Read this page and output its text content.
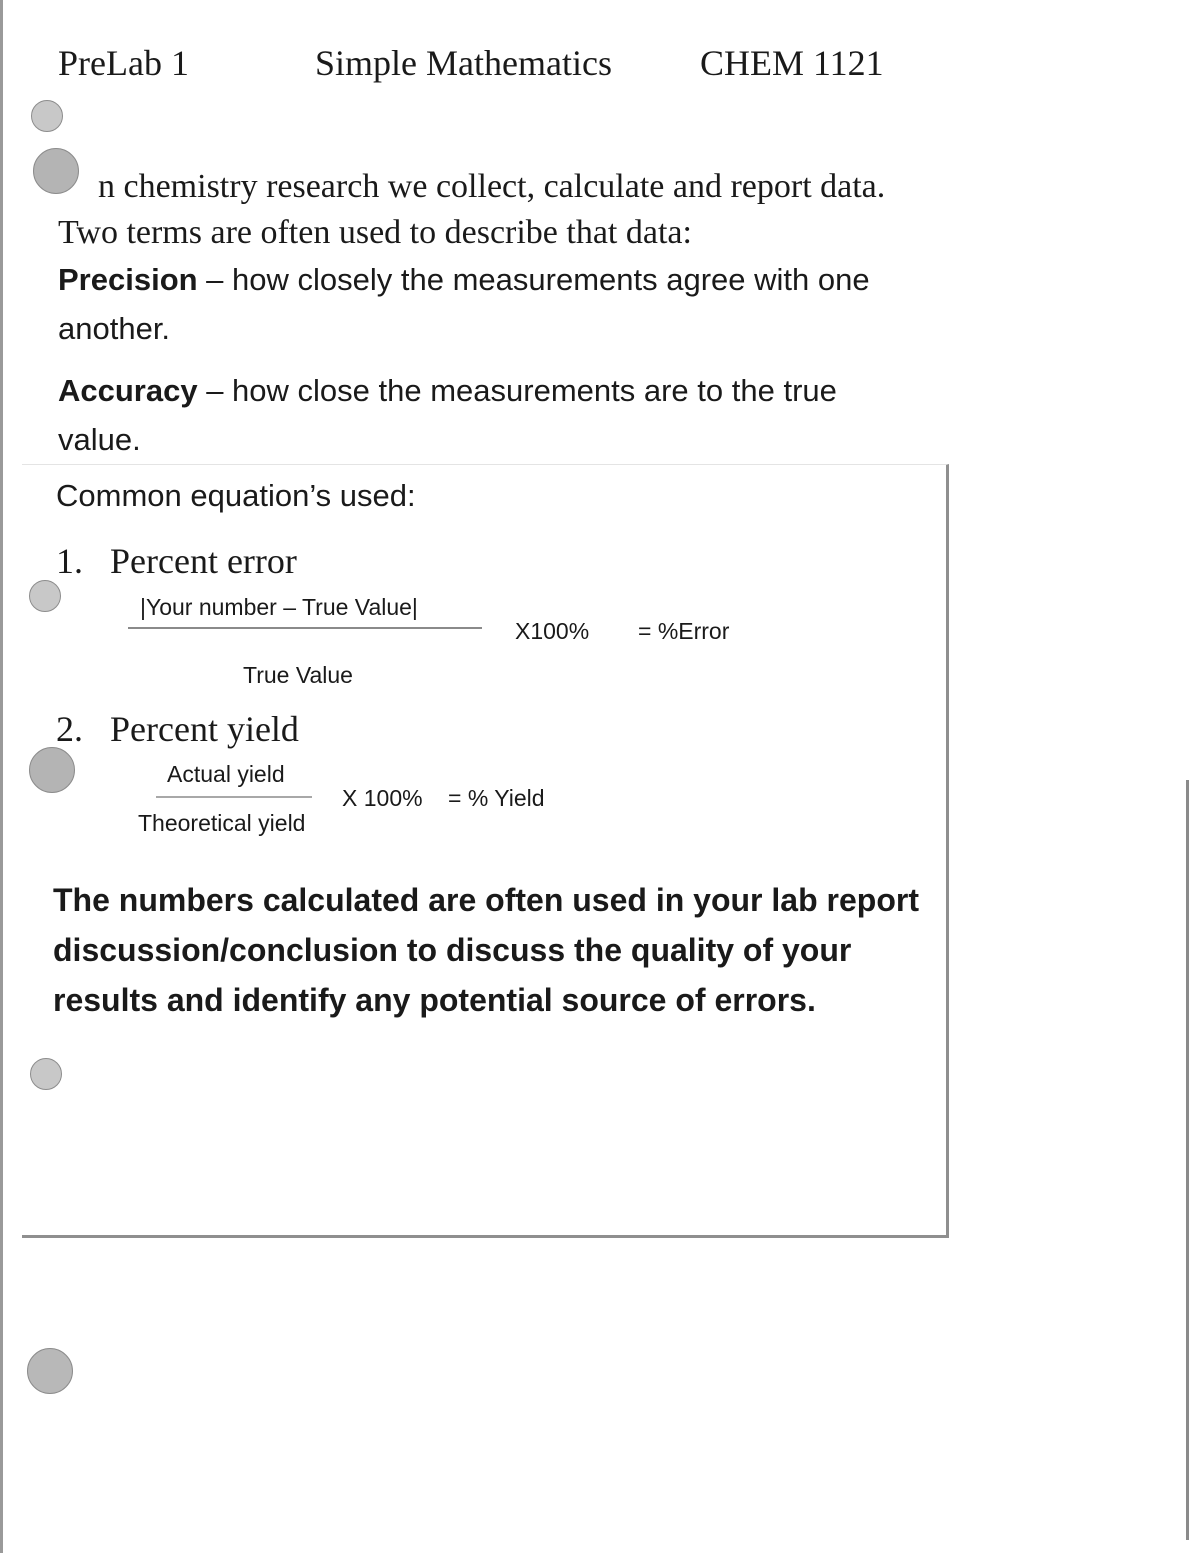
PreLab 1	Simple Mathematics CHEM 1121
n chemistry research we collect, calculate and report data. Two terms are often used to describe that data:
Precision – how closely the measurements agree with one another.
Accuracy – how close the measurements are to the true value.
Common equation’s used:
1. Percent error
|Your number – True Value|
True Value
X100% = %Error
2. Percent yield
Actual yield
Theoretical yield
X 100% = % Yield
The numbers calculated are often used in your lab report discussion/conclusion to discuss the quality of your results and identify any potential source of errors.
